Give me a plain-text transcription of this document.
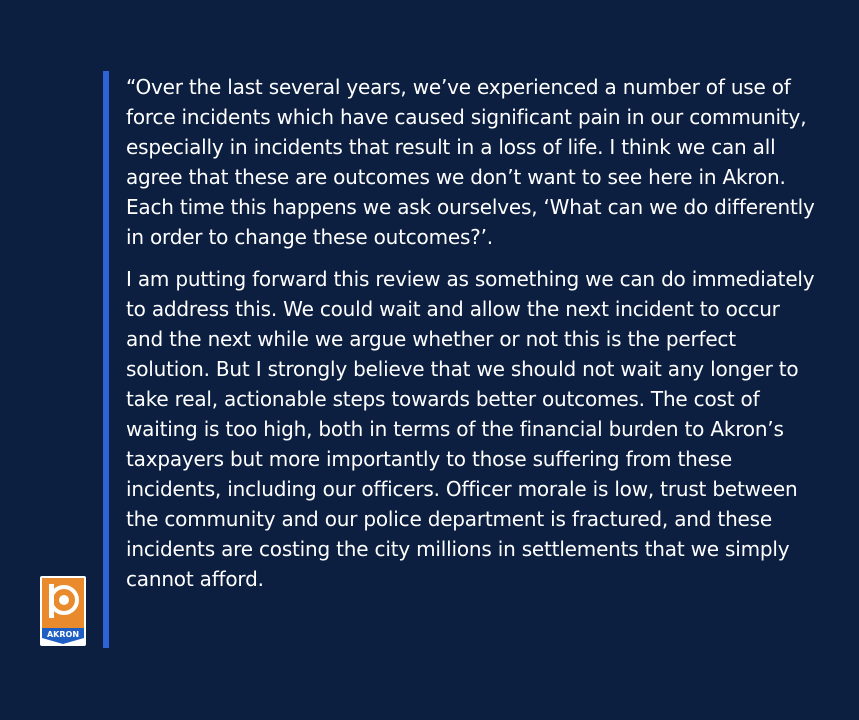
“Over the last several years, we’ve experienced a number of use of force incidents which have caused significant pain in our community, especially in incidents that result in a loss of life. I think we can all agree that these are outcomes we don’t want to see here in Akron. Each time this happens we ask ourselves, ‘What can we do differently in order to change these outcomes?’.

I am putting forward this review as something we can do immediately to address this. We could wait and allow the next incident to occur and the next while we argue whether or not this is the perfect solution. But I strongly believe that we should not wait any longer to take real, actionable steps towards better outcomes. The cost of waiting is too high, both in terms of the financial burden to Akron’s taxpayers but more importantly to those suffering from these incidents, including our officers. Officer morale is low, trust between the community and our police department is fractured, and these incidents are costing the city millions in settlements that we simply cannot afford.

AKRON
